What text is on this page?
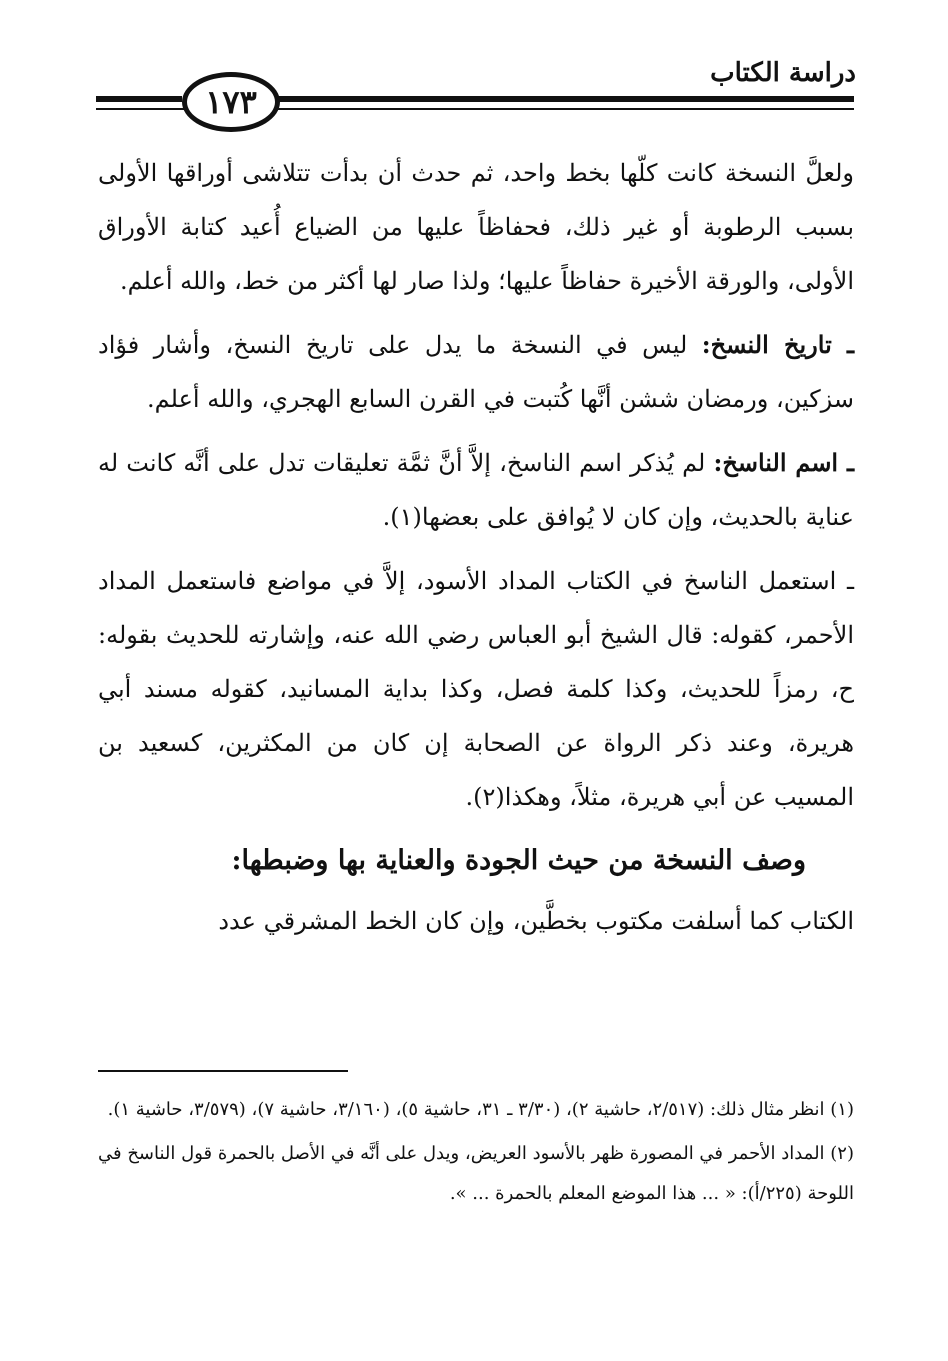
دراسة الكتاب
١٧٣

ولعلَّ النسخة كانت كلّها بخط واحد، ثم حدث أن بدأت تتلاشى أوراقها الأولى بسبب الرطوبة أو غير ذلك، فحفاظاً عليها من الضياع أُعيد كتابة الأوراق الأولى، والورقة الأخيرة حفاظاً عليها؛ ولذا صار لها أكثر من خط، والله أعلم.

ـ تاريخ النسخ: ليس في النسخة ما يدل على تاريخ النسخ، وأشار فؤاد سزكين، ورمضان ششن أنَّها كُتبت في القرن السابع الهجري، والله أعلم.

ـ اسم الناسخ: لم يُذكر اسم الناسخ، إلاَّ أنَّ ثمَّة تعليقات تدل على أنَّه كانت له عناية بالحديث، وإن كان لا يُوافق على بعضها(١).

ـ استعمل الناسخ في الكتاب المداد الأسود، إلاَّ في مواضع فاستعمل المداد الأحمر، كقوله: قال الشيخ أبو العباس رضي الله عنه، وإشارته للحديث بقوله: ح، رمزاً للحديث، وكذا كلمة فصل، وكذا بداية المسانيد، كقوله مسند أبي هريرة، وعند ذكر الرواة عن الصحابة إن كان من المكثرين، كسعيد بن المسيب عن أبي هريرة، مثلاً، وهكذا(٢).

وصف النسخة من حيث الجودة والعناية بها وضبطها:

الكتاب كما أسلفت مكتوب بخطَّين، وإن كان الخط المشرقي عدد

(١) انظر مثال ذلك: (٢/٥١٧، حاشية ٢)، (٣/٣٠ ـ ٣١، حاشية ٥)، (٣/١٦٠، حاشية ٧)، (٣/٥٧٩، حاشية ١).

(٢) المداد الأحمر في المصورة ظهر بالأسود العريض، ويدل على أنَّه في الأصل بالحمرة قول الناسخ في اللوحة (٢٢٥/أ): « ... هذا الموضع المعلم بالحمرة ... ».
